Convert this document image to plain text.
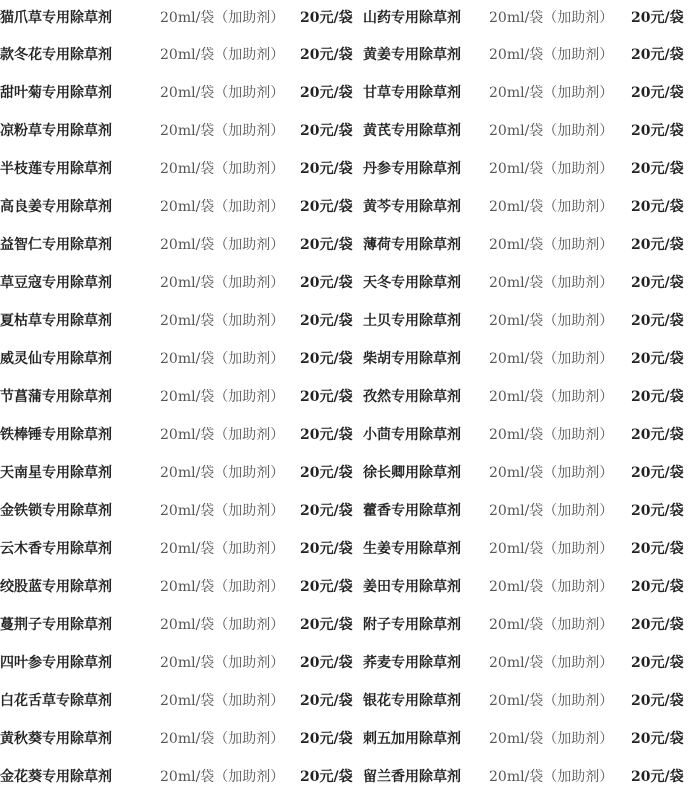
猫爪草专用除草剂	20ml/袋（加助剂）	20元/袋	山药专用除草剂	20ml/袋（加助剂）	20元/袋
款冬花专用除草剂	20ml/袋（加助剂）	20元/袋	黄姜专用除草剂	20ml/袋（加助剂）	20元/袋
甜叶菊专用除草剂	20ml/袋（加助剂）	20元/袋	甘草专用除草剂	20ml/袋（加助剂）	20元/袋
凉粉草专用除草剂	20ml/袋（加助剂）	20元/袋	黄芪专用除草剂	20ml/袋（加助剂）	20元/袋
半枝莲专用除草剂	20ml/袋（加助剂）	20元/袋	丹参专用除草剂	20ml/袋（加助剂）	20元/袋
高良姜专用除草剂	20ml/袋（加助剂）	20元/袋	黄芩专用除草剂	20ml/袋（加助剂）	20元/袋
益智仁专用除草剂	20ml/袋（加助剂）	20元/袋	薄荷专用除草剂	20ml/袋（加助剂）	20元/袋
草豆寇专用除草剂	20ml/袋（加助剂）	20元/袋	天冬专用除草剂	20ml/袋（加助剂）	20元/袋
夏枯草专用除草剂	20ml/袋（加助剂）	20元/袋	土贝专用除草剂	20ml/袋（加助剂）	20元/袋
威灵仙专用除草剂	20ml/袋（加助剂）	20元/袋	柴胡专用除草剂	20ml/袋（加助剂）	20元/袋
节菖蒲专用除草剂	20ml/袋（加助剂）	20元/袋	孜然专用除草剂	20ml/袋（加助剂）	20元/袋
铁棒锤专用除草剂	20ml/袋（加助剂）	20元/袋	小茴专用除草剂	20ml/袋（加助剂）	20元/袋
天南星专用除草剂	20ml/袋（加助剂）	20元/袋	徐长卿用除草剂	20ml/袋（加助剂）	20元/袋
金铁锁专用除草剂	20ml/袋（加助剂）	20元/袋	藿香专用除草剂	20ml/袋（加助剂）	20元/袋
云木香专用除草剂	20ml/袋（加助剂）	20元/袋	生姜专用除草剂	20ml/袋（加助剂）	20元/袋
绞股蓝专用除草剂	20ml/袋（加助剂）	20元/袋	姜田专用除草剂	20ml/袋（加助剂）	20元/袋
蔓荆子专用除草剂	20ml/袋（加助剂）	20元/袋	附子专用除草剂	20ml/袋（加助剂）	20元/袋
四叶参专用除草剂	20ml/袋（加助剂）	20元/袋	荞麦专用除草剂	20ml/袋（加助剂）	20元/袋
白花舌草专除草剂	20ml/袋（加助剂）	20元/袋	银花专用除草剂	20ml/袋（加助剂）	20元/袋
黄秋葵专用除草剂	20ml/袋（加助剂）	20元/袋	刺五加用除草剂	20ml/袋（加助剂）	20元/袋
金花葵专用除草剂	20ml/袋（加助剂）	20元/袋	留兰香用除草剂	20ml/袋（加助剂）	20元/袋
